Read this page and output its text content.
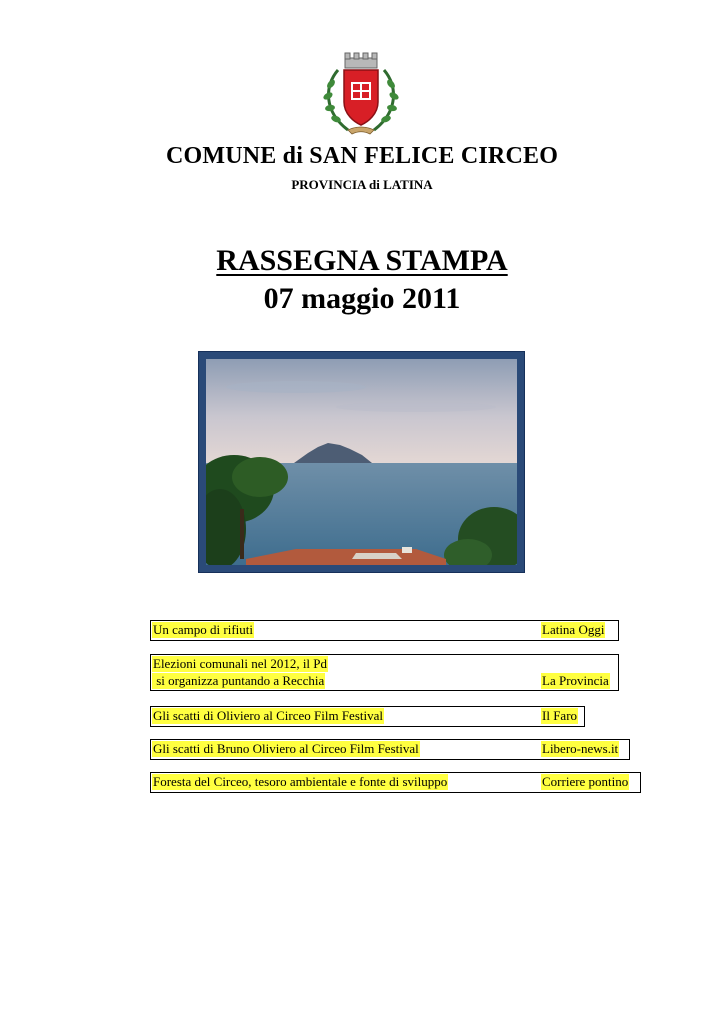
COMUNE di SAN FELICE CIRCEO
PROVINCIA di LATINA
RASSEGNA STAMPA
07 maggio 2011
Un campo di rifiuti	Latina Oggi
Elezioni comunali nel 2012, il Pd
si organizza puntando a Recchia	La Provincia
Gli scatti di Oliviero al Circeo Film Festival	Il Faro
Gli scatti di Bruno Oliviero al Circeo Film Festival	Libero-news.it
Foresta del Circeo, tesoro ambientale e fonte di sviluppo	Corriere pontino
